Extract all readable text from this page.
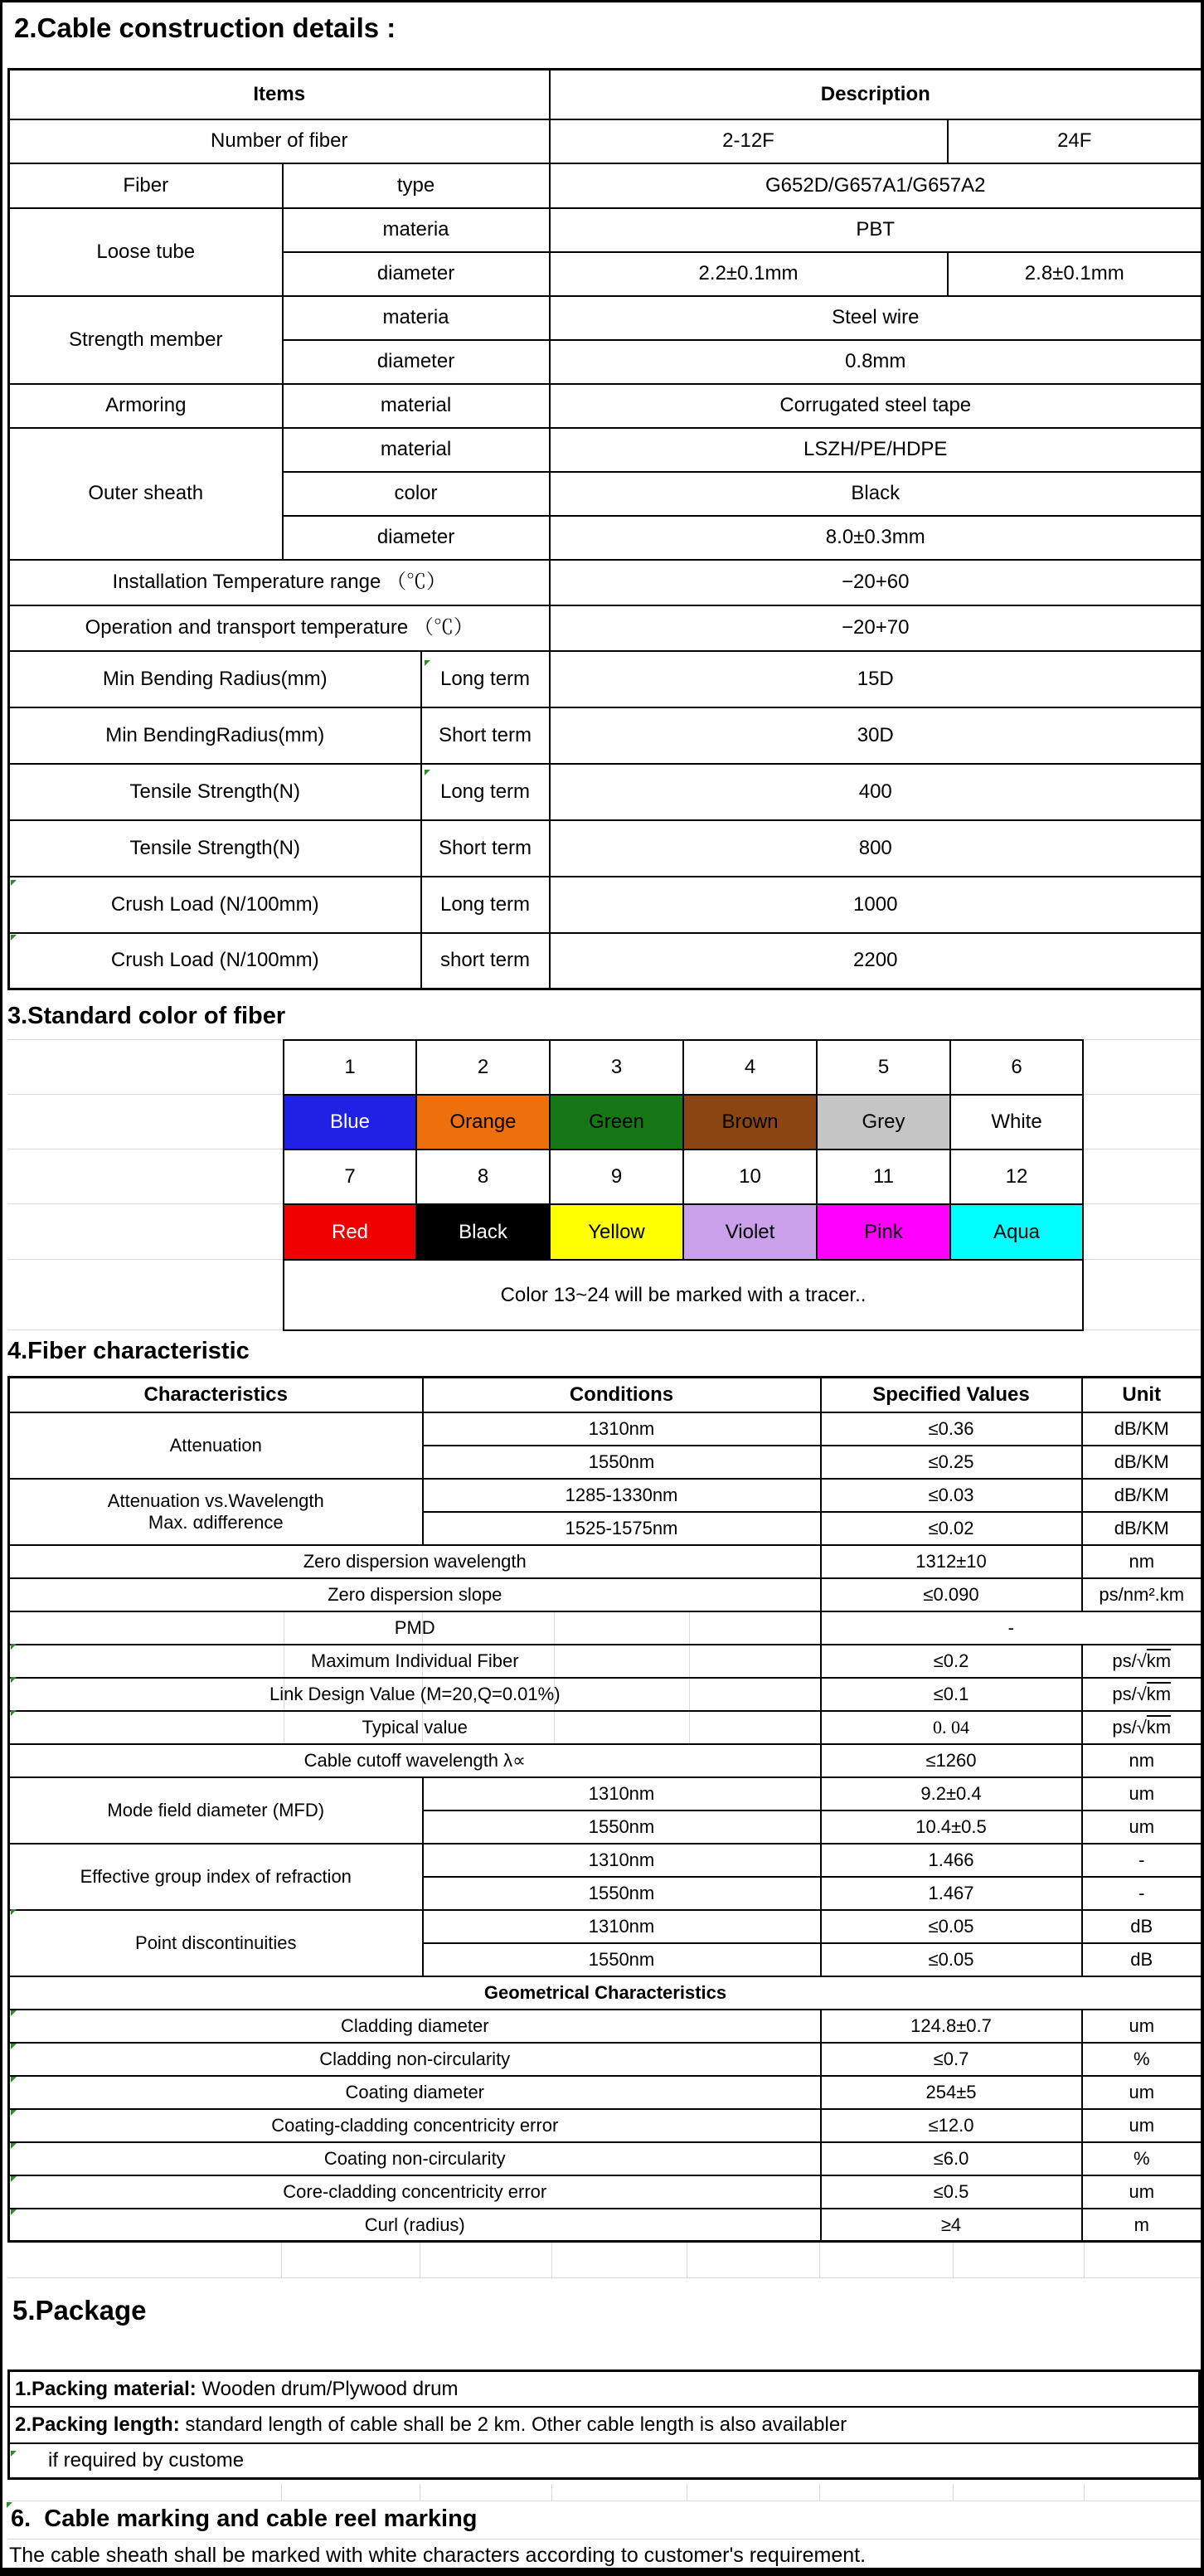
2.Cable construction details :
Items			Description	
Number of fiber			2-12F	24F
Fiber	type		G652D/G657A1/G657A2	
Loose tube	materia		PBT	
	diameter		2.2±0.1mm	2.8±0.1mm
Strength member	materia		Steel wire	
	diameter		0.8mm	
Armoring	material		Corrugated steel tape	
Outer sheath	material		LSZH/PE/HDPE	
	color		Black	
	diameter		8.0±0.3mm	
Installation Temperature range （℃）			−20+60	
Operation and transport temperature （℃）			−20+70	
Min Bending Radius(mm)		Long term	15D	
Min BendingRadius(mm)		Short term	30D	
Tensile Strength(N)		Long term	400	
Tensile Strength(N)		Short term	800	
Crush Load (N/100mm)		Long term	1000	
Crush Load (N/100mm)		short term	2200	
3.Standard color of fiber
1	2	3	4	5	6
Blue	Orange	Green	Brown	Grey	White
7	8	9	10	11	12
Red	Black	Yellow	Violet	Pink	Aqua
Color 13~24 will be marked with a tracer..					
4.Fiber characteristic
Characteristics	Conditions	Specified Values	Unit
Attenuation	1310nm	≤0.36	dB/KM
	1550nm	≤0.25	dB/KM

Attenuation vs.Wavelength
Max. αdifference	1285-1330nm	≤0.03	dB/KM
	1525-1575nm	≤0.02	dB/KM
Zero dispersion wavelength		1312±10	nm
Zero dispersion slope		≤0.090	ps/nm².km
PMD		-	
Maximum Individual Fiber		≤0.2	ps/√km
Link Design Value (M=20,Q=0.01%)		≤0.1	ps/√km
Typical value		0. 04	ps/√km
Cable cutoff wavelength λ∝		≤1260	nm
Mode field diameter (MFD)	1310nm	9.2±0.4	um
	1550nm	10.4±0.5	um
Effective group index of refraction	1310nm	1.466	-
	1550nm	1.467	-
Point discontinuities	1310nm	≤0.05	dB
	1550nm	≤0.05	dB
Geometrical Characteristics			
Cladding diameter		124.8±0.7	um
Cladding non-circularity		≤0.7	%
Coating diameter		254±5	um
Coating-cladding concentricity error		≤12.0	um
Coating non-circularity		≤6.0	%
Core-cladding concentricity error		≤0.5	um
Curl (radius)		≥4	m
5.Package
1.Packing material: Wooden drum/Plywood drum
2.Packing length: standard length of cable shall be 2 km. Other cable length is also availabler
if required by custome
6.  Cable marking and cable reel marking
The cable sheath shall be marked with white characters according to customer's requirement.
